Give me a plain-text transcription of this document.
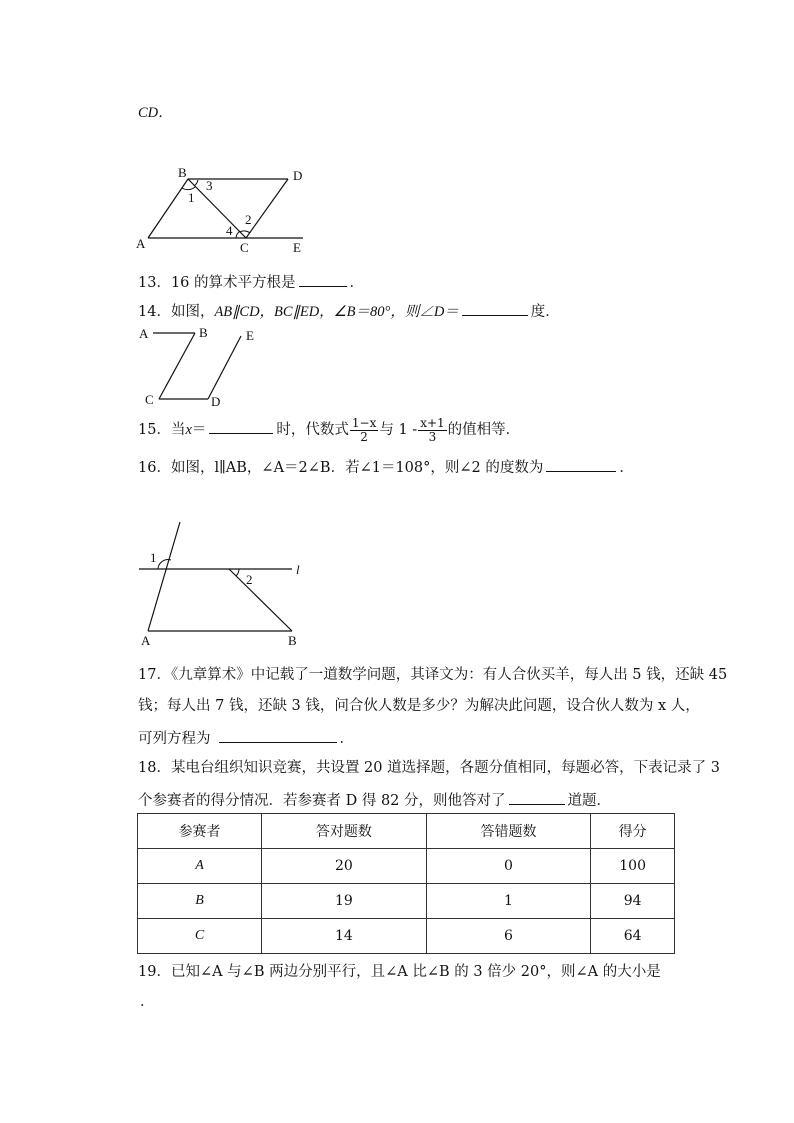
CD．
B	D
A	C	E
1
3
2
4
13．16 的算术平方根是	．
14．如图，AB∥CD，BC∥ED，∠B＝80°，则∠D＝	度．
A	B	E
C	D
15．当x＝	时，代数式 $\frac{1-x}{2}$ 与 $1 - \frac{x+1}{3}$ 的值相等．
16．如图，l∥AB，∠A＝2∠B．若∠1＝108°，则∠2 的度数为	．
1
2
l
A	B
17．《九章算术》中记载了一道数学问题，其译文为：有人合伙买羊，每人出 5 钱，还缺 45
钱；每人出 7 钱，还缺 3 钱，问合伙人数是多少？为解决此问题，设合伙人数为 x 人，
可列方程为	．
18．某电台组织知识竞赛，共设置 20 道选择题，各题分值相同，每题必答，下表记录了 3
个参赛者的得分情况．若参赛者 D 得 82 分，则他答对了	道题．
参赛者	答对题数	答错题数	得分
A	20	0	100
B	19	1	94
C	14	6	64
19．已知∠A 与∠B 两边分别平行，且∠A 比∠B 的 3 倍少 20°，则∠A 的大小是
．
